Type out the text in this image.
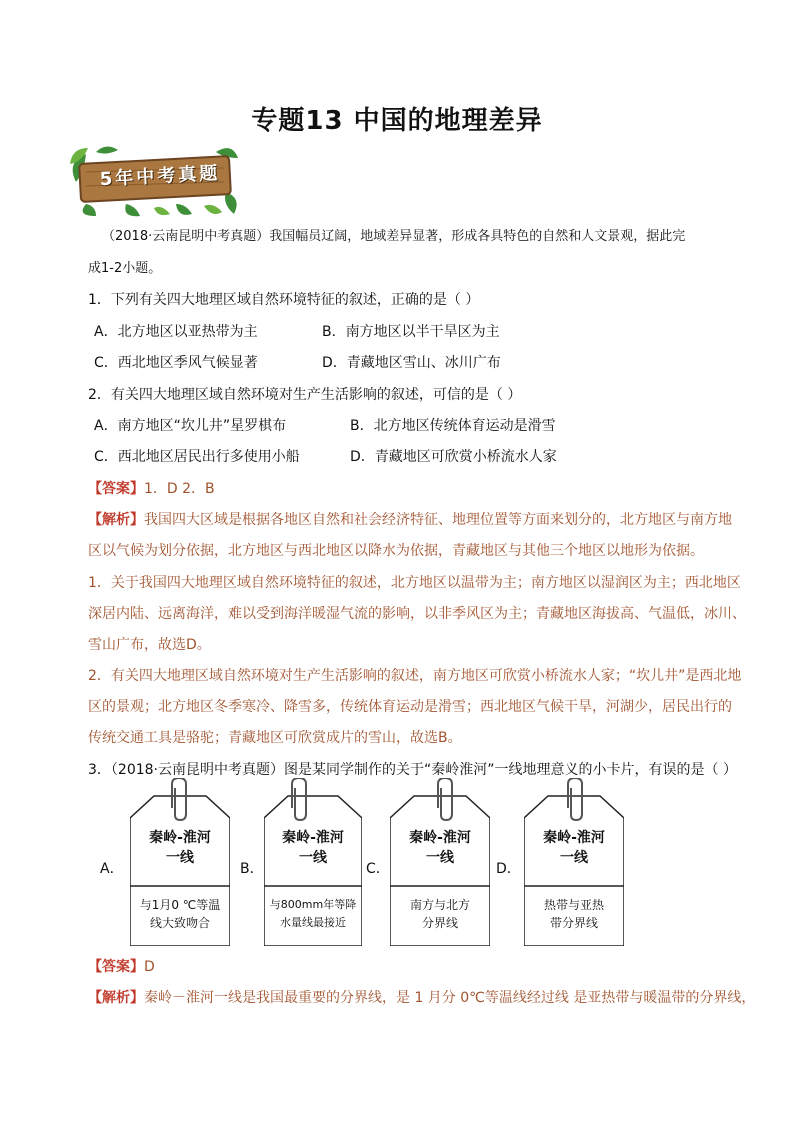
专题13 中国的地理差异
5年中考真题
（2018·云南昆明中考真题）我国幅员辽阔，地域差异显著，形成各具特色的自然和人文景观，据此完
成1-2小题。
1．下列有关四大地理区域自然环境特征的叙述，正确的是（ ）
A．北方地区以亚热带为主	B．南方地区以半干旱区为主
C．西北地区季风气候显著	D．青藏地区雪山、冰川广布
2．有关四大地理区域自然环境对生产生活影响的叙述，可信的是（ ）
A．南方地区“坎儿井”星罗棋布	B．北方地区传统体育运动是滑雪
C．西北地区居民出行多使用小船	D．青藏地区可欣赏小桥流水人家
【答案】1．D 2．B
【解析】我国四大区域是根据各地区自然和社会经济特征、地理位置等方面来划分的，北方地区与南方地
区以气候为划分依据，北方地区与西北地区以降水为依据，青藏地区与其他三个地区以地形为依据。
1．关于我国四大地理区域自然环境特征的叙述，北方地区以温带为主；南方地区以湿润区为主；西北地区
深居内陆、远离海洋，难以受到海洋暖湿气流的影响，以非季风区为主；青藏地区海拔高、气温低，冰川、
雪山广布，故选D。
2．有关四大地理区域自然环境对生产生活影响的叙述，南方地区可欣赏小桥流水人家；“坎儿井”是西北地
区的景观；北方地区冬季寒冷、降雪多，传统体育运动是滑雪；西北地区气候干旱，河湖少，居民出行的
传统交通工具是骆驼；青藏地区可欣赏成片的雪山，故选B。
3．（2018·云南昆明中考真题）图是某同学制作的关于“秦岭淮河”一线地理意义的小卡片，有误的是（ ）
A．	B．	C．	D．
秦岭-淮河
一线
与1月0 ℃等温
线大致吻合
秦岭-淮河
一线
与800mm年等降
水量线最接近
秦岭-淮河
一线
南方与北方
分界线
秦岭-淮河
一线
热带与亚热
带分界线
【答案】D
【解析】秦岭－淮河一线是我国最重要的分界线，是 1 月分 0℃等温线经过线 是亚热带与暖温带的分界线，
